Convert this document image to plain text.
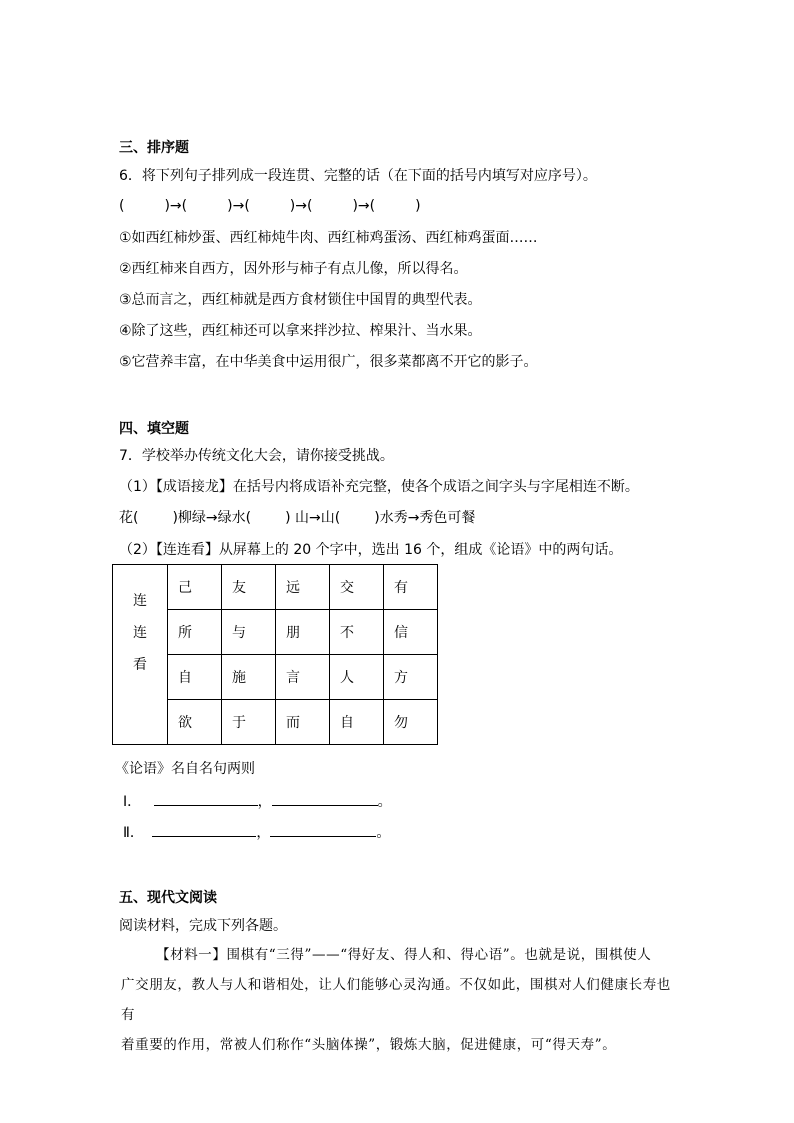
三、排序题
6．将下列句子排列成一段连贯、完整的话（在下面的括号内填写对应序号）。
(	)→(	)→(	)→(	)→(	)
①如西红柿炒蛋、西红柿炖牛肉、西红柿鸡蛋汤、西红柿鸡蛋面……
②西红柿来自西方，因外形与柿子有点儿像，所以得名。
③总而言之，西红柿就是西方食材锁住中国胃的典型代表。
④除了这些，西红柿还可以拿来拌沙拉、榨果汁、当水果。
⑤它营养丰富，在中华美食中运用很广，很多菜都离不开它的影子。
四、填空题
7．学校举办传统文化大会，请你接受挑战。
（1）【成语接龙】在括号内将成语补充完整，使各个成语之间字头与字尾相连不断。
花( )柳绿→绿水( ) 山→山( )水秀→秀色可餐
（2）【连连看】从屏幕上的 20 个字中，选出 16 个，组成《论语》中的两句话。
连
连
看	己	友	远	交	有
	所	与	朋	不	信
	自	施	言	人	方
	欲	于	而	自	勿
《论语》名自名句两则
Ⅰ．	，	。
Ⅱ．	，	。
五、现代文阅读
阅读材料，完成下列各题。
【材料一】围棋有“三得”——“得好友、得人和、得心语”。也就是说，围棋使人
广交朋友，教人与人和谐相处，让人们能够心灵沟通。不仅如此，围棋对人们健康长寿也有
着重要的作用，常被人们称作“头脑体操”，锻炼大脑，促进健康，可“得天寿”。
